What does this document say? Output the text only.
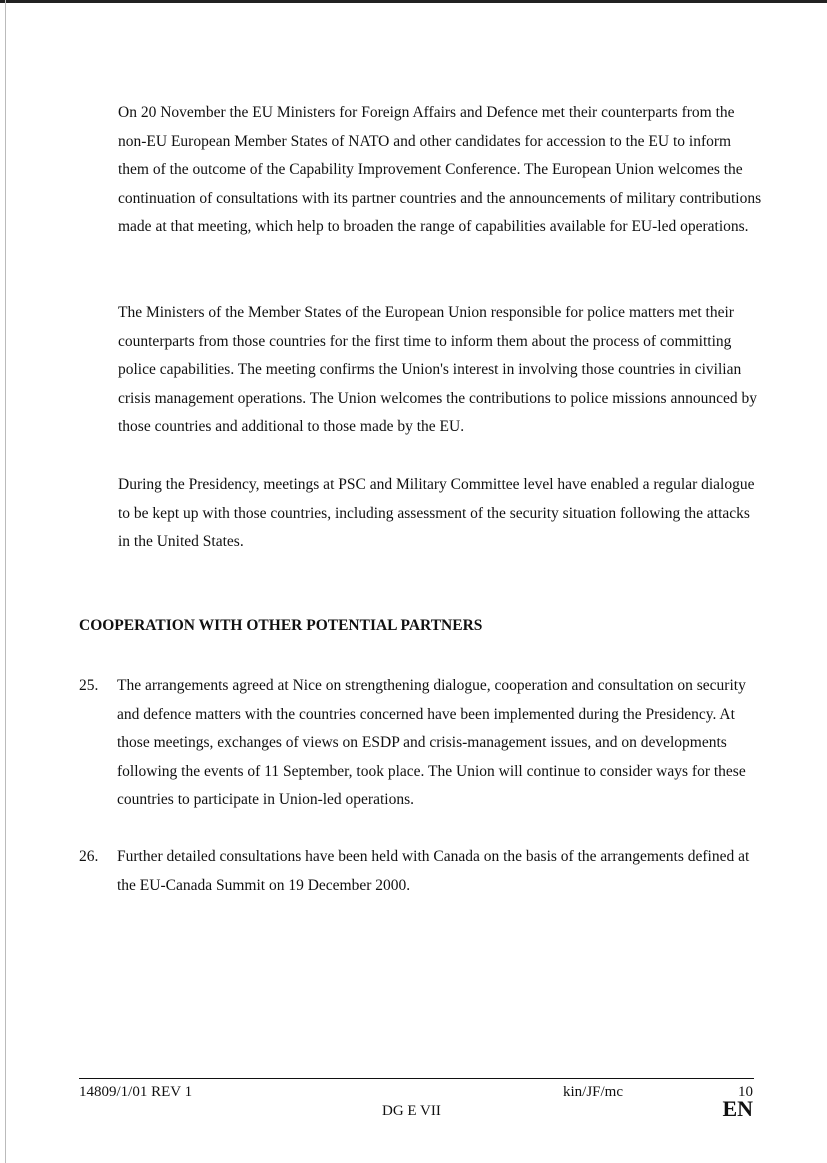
On 20 November the EU Ministers for Foreign Affairs and Defence met their counterparts from the non-EU European Member States of NATO and other candidates for accession to the EU to inform them of the outcome of the Capability Improvement Conference. The European Union welcomes the continuation of consultations with its partner countries and the announcements of military contributions made at that meeting, which help to broaden the range of capabilities available for EU-led operations.

The Ministers of the Member States of the European Union responsible for police matters met their counterparts from those countries for the first time to inform them about the process of committing police capabilities. The meeting confirms the Union's interest in involving those countries in civilian crisis management operations. The Union welcomes the contributions to police missions announced by those countries and additional to those made by the EU.

During the Presidency, meetings at PSC and Military Committee level have enabled a regular dialogue to be kept up with those countries, including assessment of the security situation following the attacks in the United States.

COOPERATION WITH OTHER POTENTIAL PARTNERS
25. The arrangements agreed at Nice on strengthening dialogue, cooperation and consultation on security and defence matters with the countries concerned have been implemented during the Presidency. At those meetings, exchanges of views on ESDP and crisis-management issues, and on developments following the events of 11 September, took place. The Union will continue to consider ways for these countries to participate in Union-led operations.

26. Further detailed consultations have been held with Canada on the basis of the arrangements defined at the EU-Canada Summit on 19 December 2000.

14809/1/01 REV 1	kin/JF/mc	10
DG E VII	EN
